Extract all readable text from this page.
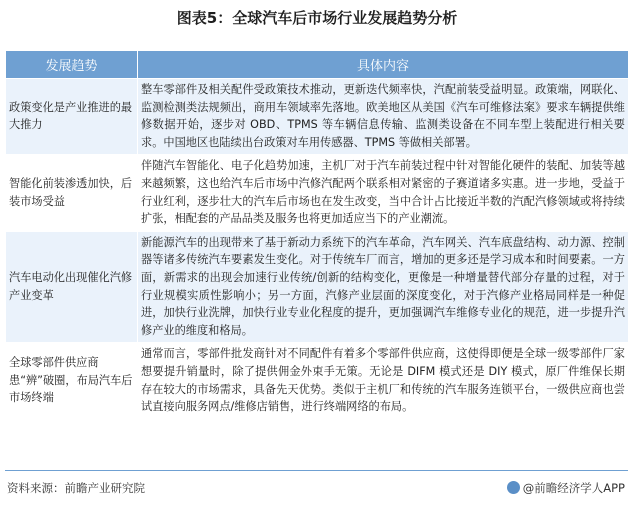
图表5：全球汽车后市场行业发展趋势分析
发展趋势	具体内容
政策变化是产业推进的最大推力	整车零部件及相关配件受政策技术推动，更新迭代频率快，汽配前装受益明显。政策端，网联化、监测检测类法规频出，商用车领域率先落地。欧美地区从美国《汽车可维修法案》要求车辆提供维修数据开始，逐步对 OBD、TPMS 等车辆信息传输、监测类设备在不同车型上装配进行相关要求。中国地区也陆续出台政策对车用传感器、TPMS 等做相关部署。
智能化前装渗透加快，后装市场受益	伴随汽车智能化、电子化趋势加速，主机厂对于汽车前装过程中针对智能化硬件的装配、加装等越来越频繁，这也给汽车后市场中汽修汽配两个联系相对紧密的子赛道诸多实惠。进一步地，受益于行业红利，逐步壮大的汽车后市场也在发生改变，当中合计占比接近半数的汽配汽修领域或将持续扩张，相配套的产品品类及服务也将更加适应当下的产业潮流。
汽车电动化出现催化汽修产业变革	新能源汽车的出现带来了基于新动力系统下的汽车革命，汽车网关、汽车底盘结构、动力源、控制器等诸多传统汽车要素发生变化。对于传统车厂而言，增加的更多还是学习成本和时间要素。一方面，新需求的出现会加速行业传统/创新的结构变化，更像是一种增量替代部分存量的过程，对于行业规模实质性影响小；另一方面，汽修产业层面的深度变化，对于汽修产业格局同样是一种促进，加快行业洗牌，加快行业专业化程度的提升，更加强调汽车维修专业化的规范，进一步提升汽修产业的维度和格局。
全球零部件供应商患“辨”破圈，布局汽车后市场终端	通常而言，零部件批发商针对不同配件有着多个零部件供应商，这使得即便是全球一级零部件厂家想要提升销量时，除了提供佣金外束手无策。无论是 DIFM 模式还是 DIY 模式，原厂件维保长期存在较大的市场需求，具备先天优势。类似于主机厂和传统的汽车服务连锁平台，一级供应商也尝试直接向服务网点/维修店销售，进行终端网络的布局。
资料来源：前瞻产业研究院	@前瞻经济学人APP
